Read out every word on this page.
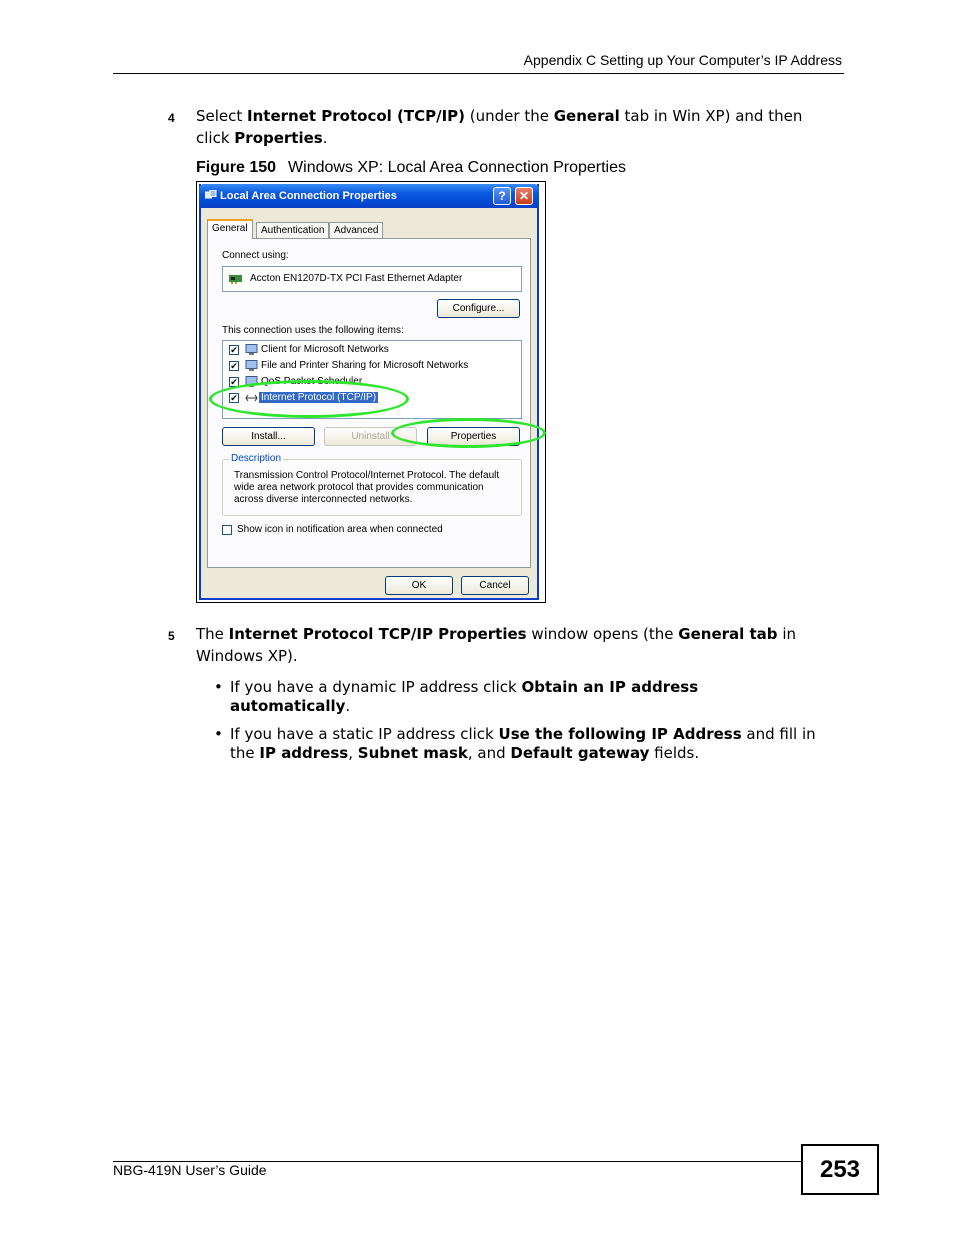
Appendix C Setting up Your Computer’s IP Address
4 Select Internet Protocol (TCP/IP) (under the General tab in Win XP) and then
click Properties.
Figure 150 Windows XP: Local Area Connection Properties
Local Area Connection Properties	?	✕
General	Authentication Advanced
Connect using:
Accton EN1207D-TX PCI Fast Ethernet Adapter
Configure...
This connection uses the following items:
✔ Client for Microsoft Networks
✔ File and Printer Sharing for Microsoft Networks
✔ QoS Packet Scheduler
✔ Internet Protocol (TCP/IP)
Install...	Uninstall	Properties
Description
Transmission Control Protocol/Internet Protocol. The default wide area network protocol that provides communication across diverse interconnected networks.
Show icon in notification area when connected
OK	Cancel
5 The Internet Protocol TCP/IP Properties window opens (the General tab in
Windows XP).
• If you have a dynamic IP address click Obtain an IP address
automatically.
• If you have a static IP address click Use the following IP Address and fill in
the IP address, Subnet mask, and Default gateway fields.
NBG-419N User’s Guide	253
